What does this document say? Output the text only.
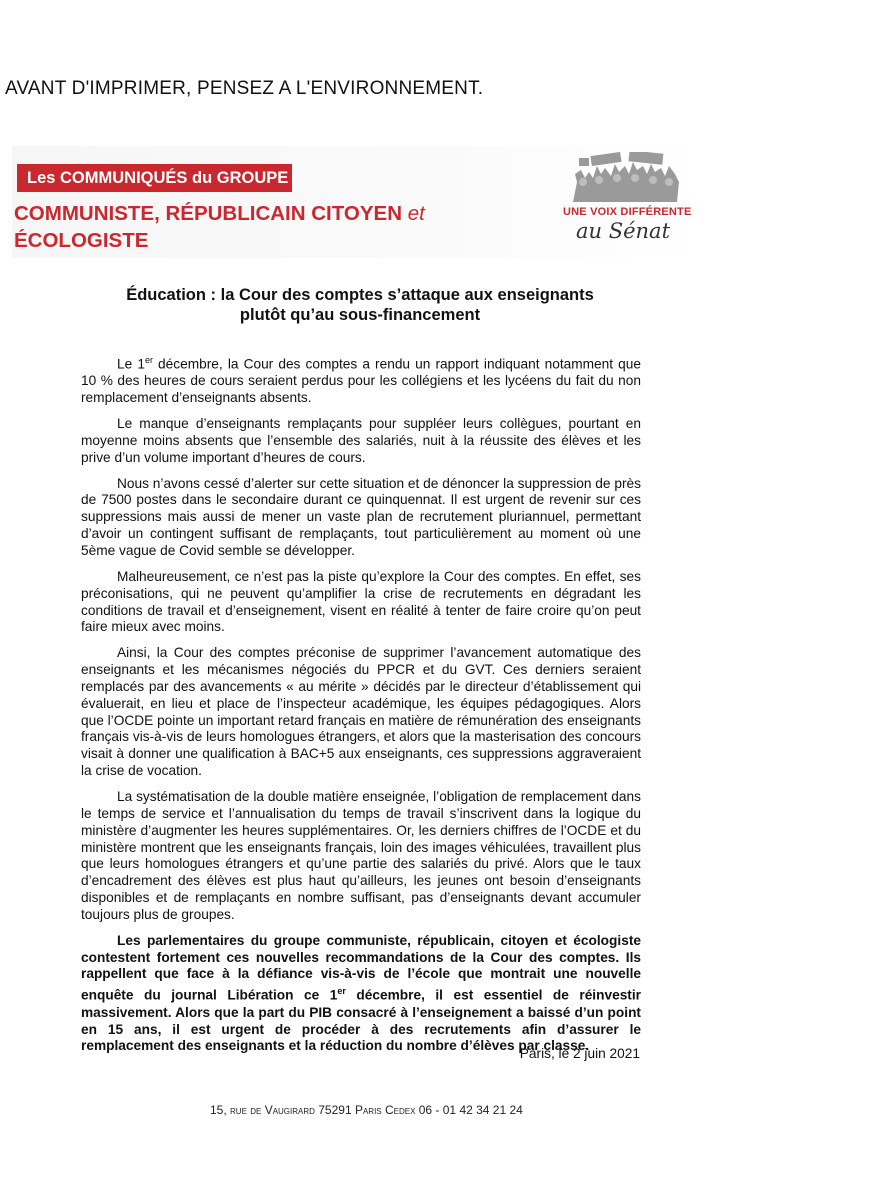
AVANT D'IMPRIMER, PENSEZ A L'ENVIRONNEMENT.
Les COMMUNIQUÉS du GROUPE
COMMUNISTE, RÉPUBLICAIN CITOYEN et
ÉCOLOGISTE
UNE VOIX DIFFÉRENTE
au Sénat
Éducation : la Cour des comptes s’attaque aux enseignants
plutôt qu’au sous-financement

Le 1er décembre, la Cour des comptes a rendu un rapport indiquant notamment que 10 % des heures de cours seraient perdus pour les collégiens et les lycéens du fait du non remplacement d’enseignants absents.

Le manque d’enseignants remplaçants pour suppléer leurs collègues, pourtant en moyenne moins absents que l’ensemble des salariés, nuit à la réussite des élèves et les prive d’un volume important d’heures de cours.

Nous n’avons cessé d’alerter sur cette situation et de dénoncer la suppression de près de 7500 postes dans le secondaire durant ce quinquennat. Il est urgent de revenir sur ces suppressions mais aussi de mener un vaste plan de recrutement pluriannuel, permettant d’avoir un contingent suffisant de remplaçants, tout particulièrement au moment où une 5ème vague de Covid semble se développer.

Malheureusement, ce n’est pas la piste qu’explore la Cour des comptes. En effet, ses préconisations, qui ne peuvent qu’amplifier la crise de recrutements en dégradant les conditions de travail et d’enseignement, visent en réalité à tenter de faire croire qu’on peut faire mieux avec moins.

Ainsi, la Cour des comptes préconise de supprimer l’avancement automatique des enseignants et les mécanismes négociés du PPCR et du GVT. Ces derniers seraient remplacés par des avancements « au mérite » décidés par le directeur d’établissement qui évaluerait, en lieu et place de l’inspecteur académique, les équipes pédagogiques. Alors que l’OCDE pointe un important retard français en matière de rémunération des enseignants français vis-à-vis de leurs homologues étrangers, et alors que la masterisation des concours visait à donner une qualification à BAC+5 aux enseignants, ces suppressions aggraveraient la crise de vocation.

La systématisation de la double matière enseignée, l’obligation de remplacement dans le temps de service et l’annualisation du temps de travail s’inscrivent dans la logique du ministère d’augmenter les heures supplémentaires. Or, les derniers chiffres de l’OCDE et du ministère montrent que les enseignants français, loin des images véhiculées, travaillent plus que leurs homologues étrangers et qu’une partie des salariés du privé. Alors que le taux d’encadrement des élèves est plus haut qu’ailleurs, les jeunes ont besoin d’enseignants disponibles et de remplaçants en nombre suffisant, pas d’enseignants devant accumuler toujours plus de groupes.

Les parlementaires du groupe communiste, républicain, citoyen et écologiste contestent fortement ces nouvelles recommandations de la Cour des comptes. Ils rappellent que face à la défiance vis-à-vis de l’école que montrait une nouvelle enquête du journal Libération ce 1er décembre, il est essentiel de réinvestir massivement. Alors que la part du PIB consacré à l’enseignement a baissé d’un point en 15 ans, il est urgent de procéder à des recrutements afin d’assurer le remplacement des enseignants et la réduction du nombre d’élèves par classe.

Paris, le 2 juin 2021
15, rue de Vaugirard 75291 Paris Cedex 06 - 01 42 34 21 24
